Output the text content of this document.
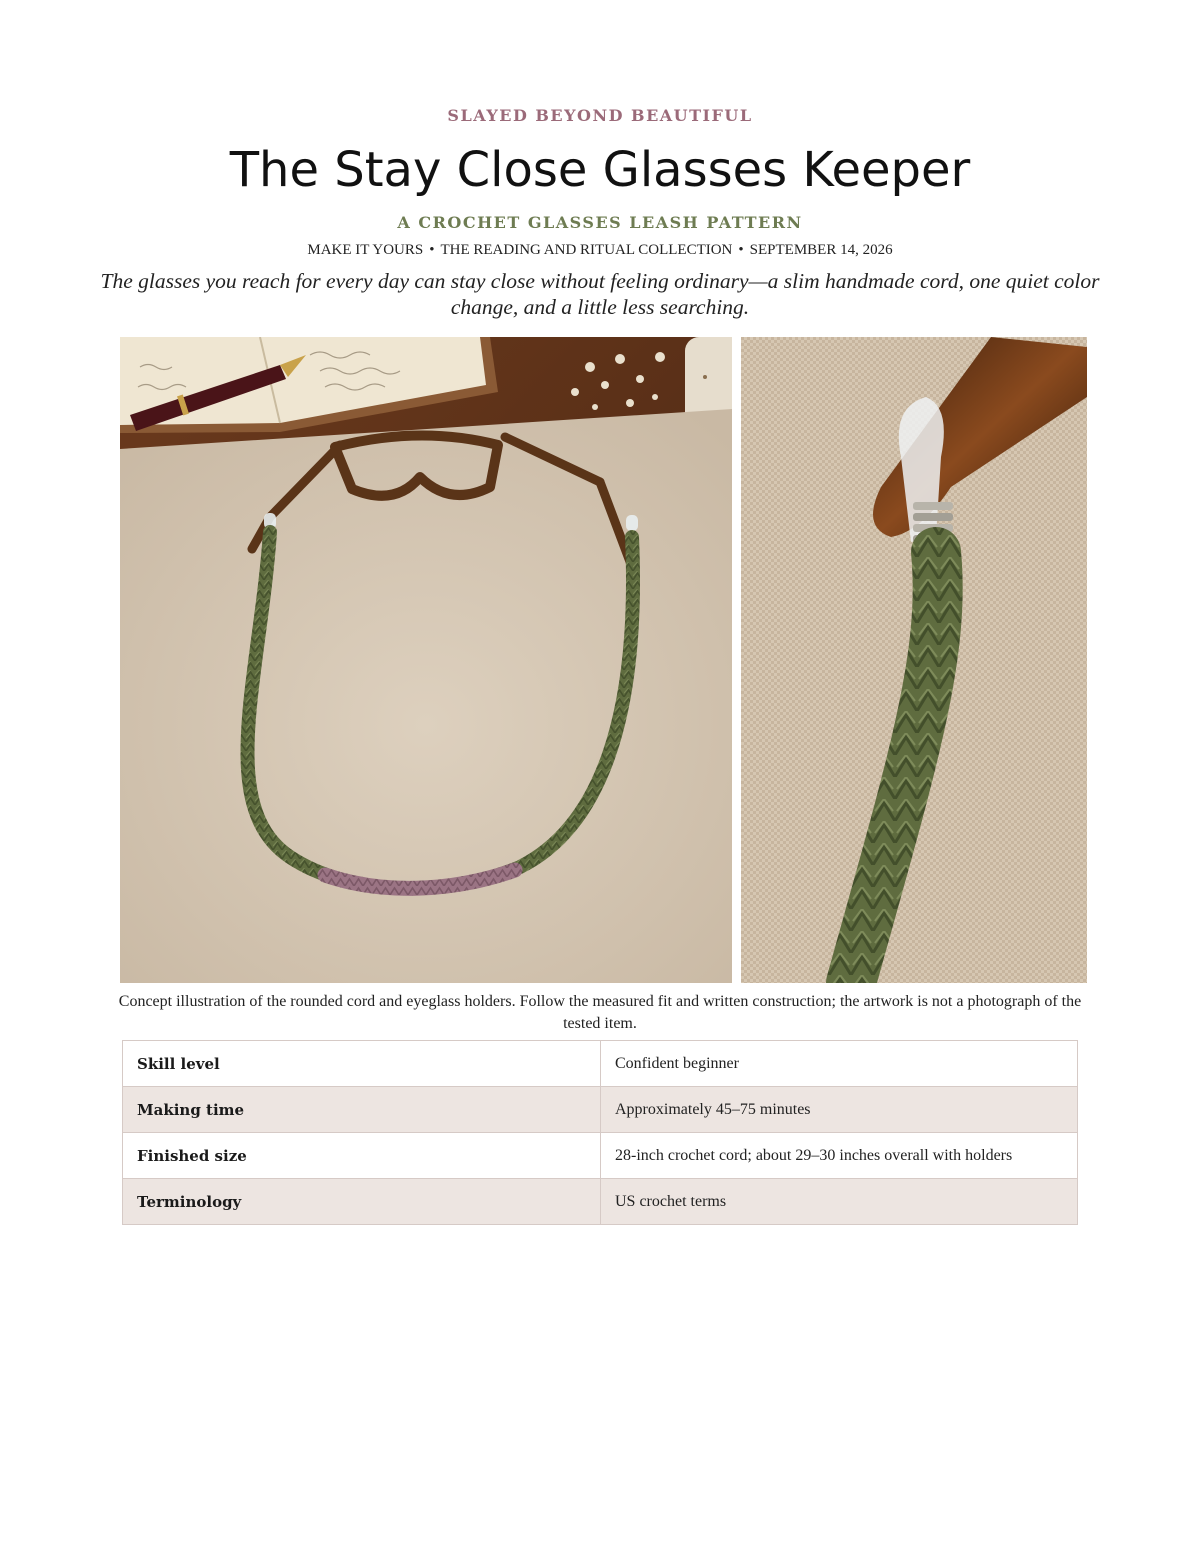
SLAYED BEYOND BEAUTIFUL
The Stay Close Glasses Keeper
A CROCHET GLASSES LEASH PATTERN
MAKE IT YOURS • THE READING AND RITUAL COLLECTION • SEPTEMBER 14, 2026
The glasses you reach for every day can stay close without feeling ordinary—a slim handmade cord, one quiet color change, and a little less searching.
Concept illustration of the rounded cord and eyeglass holders. Follow the measured fit and written construction; the artwork is not a photograph of the tested item.
Skill level	Confident beginner
Making time	Approximately 45–75 minutes
Finished size	28-inch crochet cord; about 29–30 inches overall with holders
Terminology	US crochet terms
